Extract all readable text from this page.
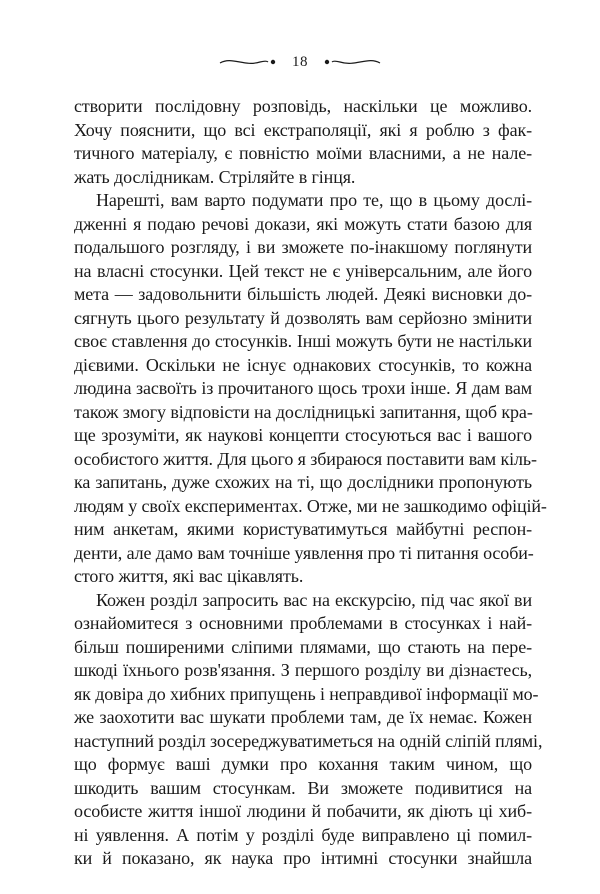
18
створити послідовну розповідь, наскільки це можливо.
Хочу пояснити, що всі екстраполяції, які я роблю з фак-
тичного матеріалу, є повністю моїми власними, а не нале-
жать дослідникам. Стріляйте в гінця.
Нарешті, вам варто подумати про те, що в цьому дослі-
дженні я подаю речові докази, які можуть стати базою для
подальшого розгляду, і ви зможете по-інакшому поглянути
на власні стосунки. Цей текст не є універсальним, але його
мета — задовольнити більшість людей. Деякі висновки до-
сягнуть цього результату й дозволять вам серйозно змінити
своє ставлення до стосунків. Інші можуть бути не настільки
дієвими. Оскільки не існує однакових стосунків, то кожна
людина засвоїть із прочитаного щось трохи інше. Я дам вам
також змогу відповісти на дослідницькі запитання, щоб кра-
ще зрозуміти, як наукові концепти стосуються вас і вашого
особистого життя. Для цього я збираюся поставити вам кіль-
ка запитань, дуже схожих на ті, що дослідники пропонують
людям у своїх експериментах. Отже, ми не зашкодимо офіцій-
ним анкетам, якими користуватимуться майбутні респон-
денти, але дамо вам точніше уявлення про ті питання особи-
стого життя, які вас цікавлять.
Кожен розділ запросить вас на екскурсію, під час якої ви
ознайомитеся з основними проблемами в стосунках і най-
більш поширеними сліпими плямами, що стають на пере-
шкоді їхнього розв'язання. З першого розділу ви дізнаєтесь,
як довіра до хибних припущень і неправдивої інформації мо-
же заохотити вас шукати проблеми там, де їх немає. Кожен
наступний розділ зосереджуватиметься на одній сліпій плямі,
що формує ваші думки про кохання таким чином, що
шкодить вашим стосункам. Ви зможете подивитися на
особисте життя іншої людини й побачити, як діють ці хиб-
ні уявлення. А потім у розділі буде виправлено ці помил-
ки й показано, як наука про інтимні стосунки знайшла
